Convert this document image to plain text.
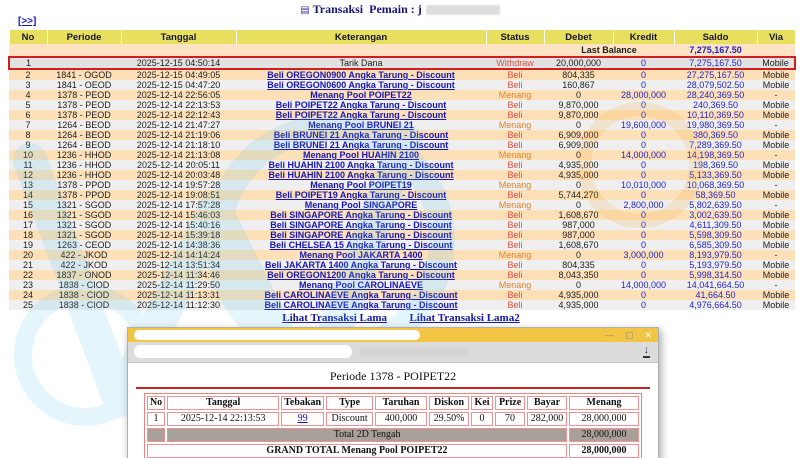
▤ Transaksi Pemain : j
[>>]
No	Periode	Tanggal	Keterangan	Status	Debet	Kredit	Saldo	Via
					Last Balance		7,275,167.50	
1		2025-12-15 04:50:14	Tarik Dana	Withdraw	20,000,000	0	7,275,167.50	Mobile
2	1841 - OGOD	2025-12-15 04:49:05	Beli OREGON0900 Angka Tarung - Discount	Beli	804,335	0	27,275,167.50	Mobile
3	1841 - OEOD	2025-12-15 04:47:20	Beli OREGON0600 Angka Tarung - Discount	Beli	160,867	0	28,079,502.50	Mobile
4	1378 - PEOD	2025-12-14 22:56:05	Menang Pool POIPET22	Menang	0	28,000,000	28,240,369.50	-
5	1378 - PEOD	2025-12-14 22:13:53	Beli POIPET22 Angka Tarung - Discount	Beli	9,870,000	0	240,369.50	Mobile
6	1378 - PEOD	2025-12-14 22:12:43	Beli POIPET22 Angka Tarung - Discount	Beli	9,870,000	0	10,110,369.50	Mobile
7	1264 - BEOD	2025-12-14 21:47:27	Menang Pool BRUNEI 21	Menang	0	19,600,000	19,980,369.50	-
8	1264 - BEOD	2025-12-14 21:19:06	Beli BRUNEI 21 Angka Tarung - Discount	Beli	6,909,000	0	380,369.50	Mobile
9	1264 - BEOD	2025-12-14 21:18:10	Beli BRUNEI 21 Angka Tarung - Discount	Beli	6,909,000	0	7,289,369.50	Mobile
10	1236 - HHOD	2025-12-14 21:13:08	Menang Pool HUAHIN 2100	Menang	0	14,000,000	14,198,369.50	-
11	1236 - HHOD	2025-12-14 20:05:11	Beli HUAHIN 2100 Angka Tarung - Discount	Beli	4,935,000	0	198,369.50	Mobile
12	1236 - HHOD	2025-12-14 20:03:48	Beli HUAHIN 2100 Angka Tarung - Discount	Beli	4,935,000	0	5,133,369.50	Mobile
13	1378 - PPOD	2025-12-14 19:57:28	Menang Pool POIPET19	Menang	0	10,010,000	10,068,369.50	-
14	1378 - PPOD	2025-12-14 19:08:51	Beli POIPET19 Angka Tarung - Discount	Beli	5,744,270	0	58,369.50	Mobile
15	1321 - SGOD	2025-12-14 17:57:28	Menang Pool SINGAPORE	Menang	0	2,800,000	5,802,639.50	-
16	1321 - SGOD	2025-12-14 15:46:03	Beli SINGAPORE Angka Tarung - Discount	Beli	1,608,670	0	3,002,639.50	Mobile
17	1321 - SGOD	2025-12-14 15:40:16	Beli SINGAPORE Angka Tarung - Discount	Beli	987,000	0	4,611,309.50	Mobile
18	1321 - SGOD	2025-12-14 15:39:18	Beli SINGAPORE Angka Tarung - Discount	Beli	987,000	0	5,598,309.50	Mobile
19	1263 - CEOD	2025-12-14 14:38:36	Beli CHELSEA 15 Angka Tarung - Discount	Beli	1,608,670	0	6,585,309.50	Mobile
20	422 - JKOD	2025-12-14 14:14:24	Menang Pool JAKARTA 1400	Menang	0	3,000,000	8,193,979.50	-
21	422 - JKOD	2025-12-14 13:51:34	Beli JAKARTA 1400 Angka Tarung - Discount	Beli	804,335	0	5,193,979.50	Mobile
22	1837 - ONOD	2025-12-14 11:34:46	Beli OREGON1200 Angka Tarung - Discount	Beli	8,043,350	0	5,998,314.50	Mobile
23	1838 - CIOD	2025-12-14 11:29:50	Menang Pool CAROLINAEVE	Menang	0	14,000,000	14,041,664.50	-
24	1838 - CIOD	2025-12-14 11:13:31	Beli CAROLINAEVE Angka Tarung - Discount	Beli	4,935,000	0	41,664.50	Mobile
25	1838 - CIOD	2025-12-14 11:12:30	Beli CAROLINAEVE Angka Tarung - Discount	Beli	4,935,000	0	4,976,664.50	Mobile
Lihat Transaksi Lama Lihat Transaksi Lama2
— ▢ ✕
↓
Periode 1378 - POIPET22
No	Tanggal	Tebakan	Type	Taruhan	Diskon	Kei	Prize	Bayar	Menang
1	2025-12-14 22:13:53	99	Discount	400,000	29.50%	0	70	282,000	28,000,000
	Total 2D Tengah								28,000,000
GRAND TOTAL Menang Pool POIPET22									28,000,000
